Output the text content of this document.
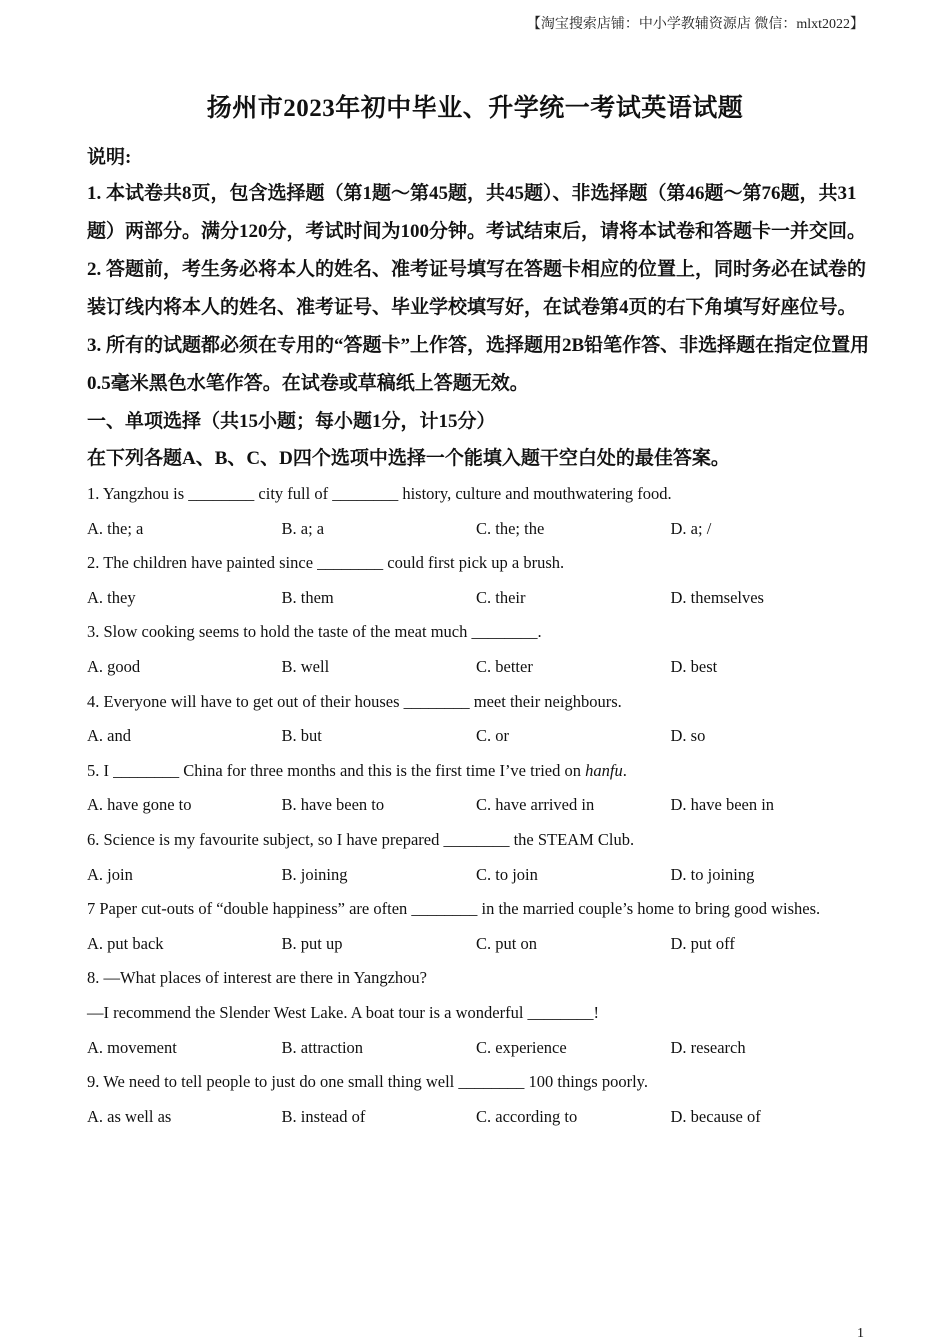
【淘宝搜索店铺：中小学教辅资源店 微信：mlxt2022】
扬州市2023年初中毕业、升学统一考试英语试题
说明:
1. 本试卷共8页，包含选择题（第1题〜第45题，共45题）、非选择题（第46题〜第76题，共31题）两部分。满分120分，考试时间为100分钟。考试结束后，请将本试卷和答题卡一并交回。
2. 答题前，考生务必将本人的姓名、准考证号填写在答题卡相应的位置上，同时务必在试卷的装订线内将本人的姓名、准考证号、毕业学校填写好，在试卷第4页的右下角填写好座位号。
3. 所有的试题都必须在专用的“答题卡”上作答，选择题用2B铅笔作答、非选择题在指定位置用0.5毫米黑色水笔作答。在试卷或草稿纸上答题无效。
一、单项选择（共15小题；每小题1分，计15分）
在下列各题A、B、C、D四个选项中选择一个能填入题干空白处的最佳答案。
1. Yangzhou is ________ city full of ________ history, culture and mouthwatering food.
A. the; a	B. a; a	C. the; the	D. a; /
2. The children have painted since ________ could first pick up a brush.
A. they	B. them	C. their	D. themselves
3. Slow cooking seems to hold the taste of the meat much ________.
A. good	B. well	C. better	D. best
4. Everyone will have to get out of their houses ________ meet their neighbours.
A. and	B. but	C. or	D. so
5. I ________ China for three months and this is the first time I’ve tried on hanfu.
A. have gone to	B. have been to	C. have arrived in	D. have been in
6. Science is my favourite subject, so I have prepared ________ the STEAM Club.
A. join	B. joining	C. to join	D. to joining
7 Paper cut-outs of “double happiness” are often ________ in the married couple’s home to bring good wishes.
A. put back	B. put up	C. put on	D. put off
8. —What places of interest are there in Yangzhou?
—I recommend the Slender West Lake. A boat tour is a wonderful ________!
A. movement	B. attraction	C. experience	D. research
9. We need to tell people to just do one small thing well ________ 100 things poorly.
A. as well as	B. instead of	C. according to	D. because of
1
